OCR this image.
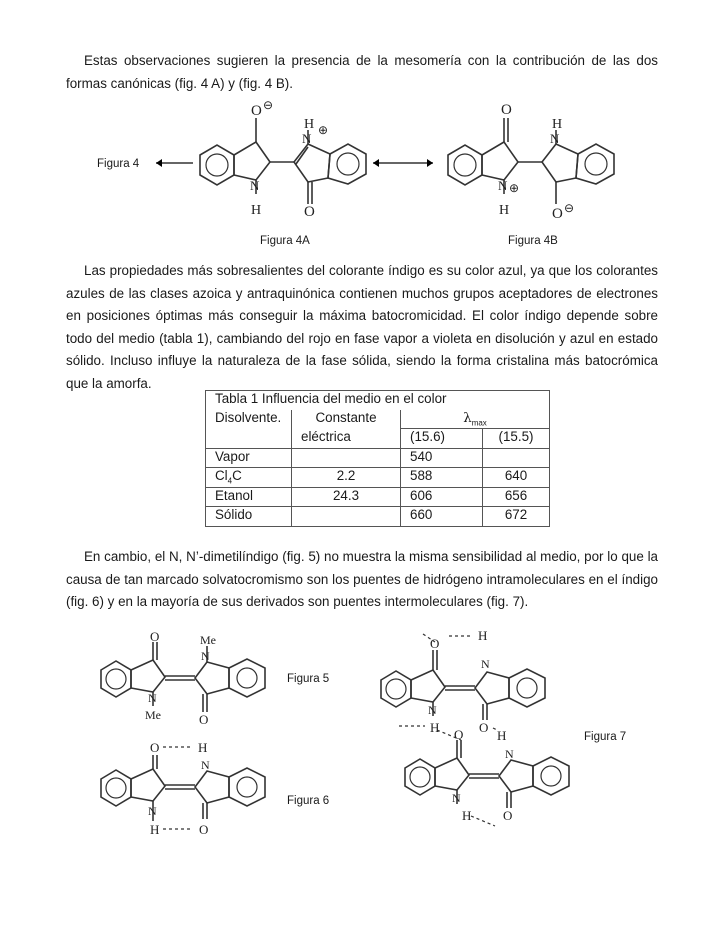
Estas observaciones sugieren la presencia de la mesomería con la contribución de las dos formas canónicas (fig. 4 A) y (fig. 4 B).

Figura 4
O ⊖
H
N
⊕
N
H	O
O
H
N
N ⊕
H	O ⊖
Figura 4A	Figura 4B

Las propiedades más sobresalientes del colorante índigo es su color azul, ya que los colorantes azules de las clases azoica y antraquinónica contienen muchos grupos aceptadores de electrones en posiciones óptimas más conseguir la máxima batocromicidad. El color índigo depende sobre todo del medio (tabla 1), cambiando del rojo en fase vapor a violeta en disolución y azul en estado sólido. Incluso influye la naturaleza de la fase sólida, siendo la forma cristalina más batocrómica que la amorfa.

Tabla 1 Influencia del medio en el color			
Disolvente.	Constante	$\lambda_{max}$
	eléctrica	(15.6)	(15.5)
Vapor		540	
$Cl_4C$	2.2	588	640
Etanol	24.3	606	656
Sólido		660	672

En cambio, el N, N’-dimetilíndigo (fig. 5) no muestra la misma sensibilidad al medio, por lo que la causa de tan marcado solvatocromismo son los puentes de hidrógeno intramoleculares en el índigo (fig. 6) y en la mayoría de sus derivados son puentes intermoleculares (fig. 7).

O	Me
N
N
Me	O
Figura 5
O	H
N
N
H	O
Figura 6
O
H
N
N
H	O
O	H
N
N
H O
Figura 7
